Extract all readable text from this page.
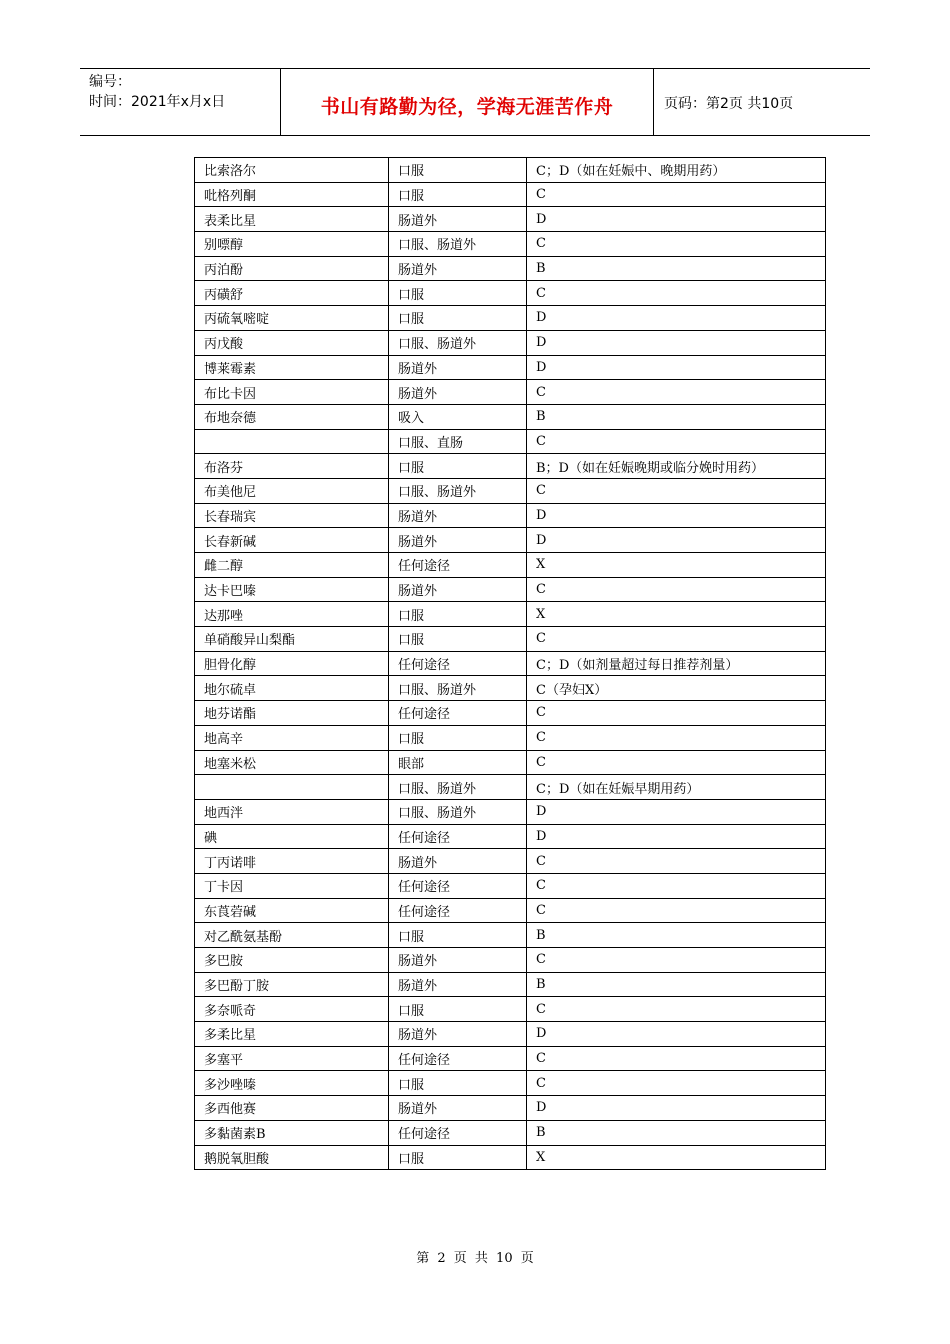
编号：
时间：2021年x月x日	书山有路勤为径，学海无涯苦作舟	页码：第2页 共10页
比索洛尔	口服	C；D（如在妊娠中、晚期用药）
吡格列酮	口服	C
表柔比星	肠道外	D
别嘌醇	口服、肠道外	C
丙泊酚	肠道外	B
丙磺舒	口服	C
丙硫氧嘧啶	口服	D
丙戊酸	口服、肠道外	D
博莱霉素	肠道外	D
布比卡因	肠道外	C
布地奈德	吸入	B
	口服、直肠	C
布洛芬	口服	B；D（如在妊娠晚期或临分娩时用药）
布美他尼	口服、肠道外	C
长春瑞宾	肠道外	D
长春新碱	肠道外	D
雌二醇	任何途径	X
达卡巴嗪	肠道外	C
达那唑	口服	X
单硝酸异山梨酯	口服	C
胆骨化醇	任何途径	C；D（如剂量超过每日推荐剂量）
地尔硫卓	口服、肠道外	C（孕妇X）
地芬诺酯	任何途径	C
地高辛	口服	C
地塞米松	眼部	C
	口服、肠道外	C；D（如在妊娠早期用药）
地西泮	口服、肠道外	D
碘	任何途径	D
丁丙诺啡	肠道外	C
丁卡因	任何途径	C
东莨菪碱	任何途径	C
对乙酰氨基酚	口服	B
多巴胺	肠道外	C
多巴酚丁胺	肠道外	B
多奈哌奇	口服	C
多柔比星	肠道外	D
多塞平	任何途径	C
多沙唑嗪	口服	C
多西他赛	肠道外	D
多黏菌素B	任何途径	B
鹅脱氧胆酸	口服	X
第 2 页 共 10 页
